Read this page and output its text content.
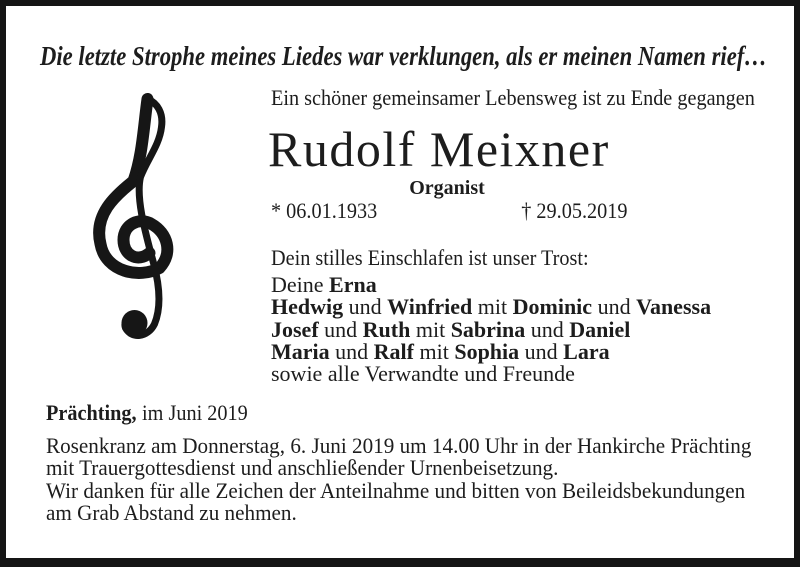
Die letzte Strophe meines Liedes war verklungen, als er meinen Namen rief…
Ein schöner gemeinsamer Lebensweg ist zu Ende gegangen
Rudolf Meixner
Organist
* 06.01.1933	† 29.05.2019
Dein stilles Einschlafen ist unser Trost:
Deine Erna
Hedwig und Winfried mit Dominic und Vanessa
Josef und Ruth mit Sabrina und Daniel
Maria und Ralf mit Sophia und Lara
sowie alle Verwandte und Freunde
Prächting, im Juni 2019
Rosenkranz am Donnerstag, 6. Juni 2019 um 14.00 Uhr in der Hankirche Prächting
mit Trauergottesdienst und anschließender Urnenbeisetzung.
Wir danken für alle Zeichen der Anteilnahme und bitten von Beileidsbekundungen
am Grab Abstand zu nehmen.
